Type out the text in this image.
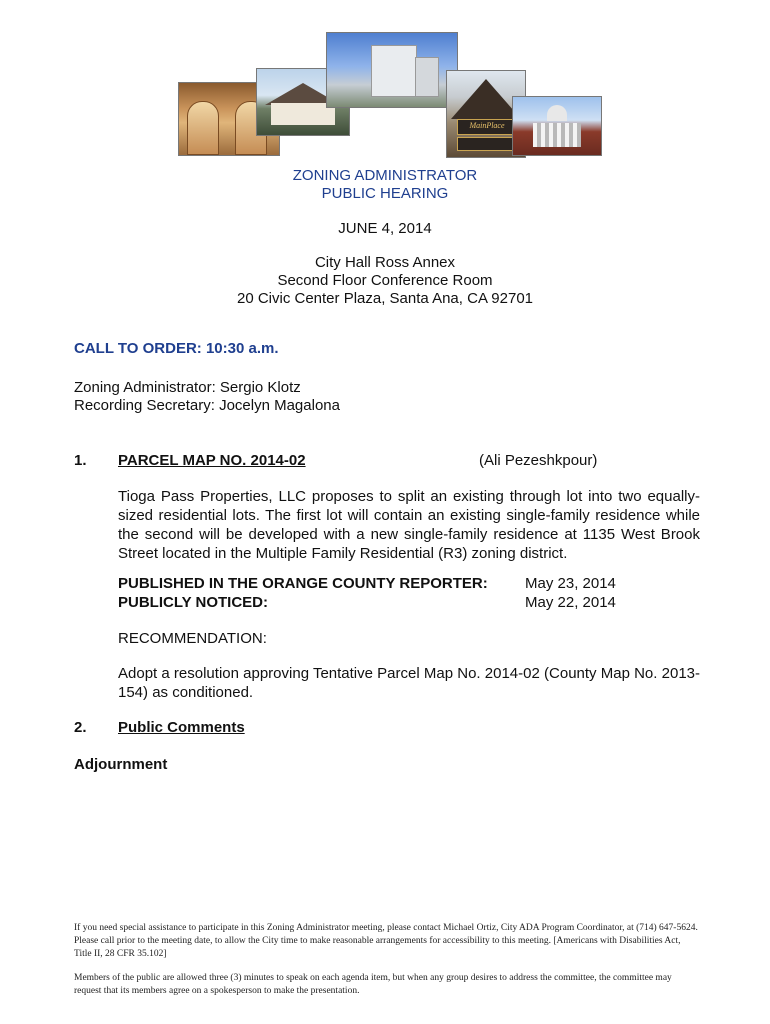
MainPlace
ZONING ADMINISTRATOR
PUBLIC HEARING
JUNE 4, 2014
City Hall Ross Annex
Second Floor Conference Room
20 Civic Center Plaza, Santa Ana, CA 92701
CALL TO ORDER: 10:30 a.m.
Zoning Administrator: Sergio Klotz
Recording Secretary: Jocelyn Magalona
1. PARCEL MAP NO. 2014-02	(Ali Pezeshkpour)
Tioga Pass Properties, LLC proposes to split an existing through lot into two equally-sized residential lots. The first lot will contain an existing single-family residence while the second will be developed with a new single-family residence at 1135 West Brook Street located in the Multiple Family Residential (R3) zoning district.
PUBLISHED IN THE ORANGE COUNTY REPORTER: May 23, 2014
PUBLICLY NOTICED:	May 22, 2014
RECOMMENDATION:
Adopt a resolution approving Tentative Parcel Map No. 2014-02 (County Map No. 2013-154) as conditioned.
2. Public Comments
Adjournment
If you need special assistance to participate in this Zoning Administrator meeting, please contact Michael Ortiz, City ADA Program Coordinator, at (714) 647-5624. Please call prior to the meeting date, to allow the City time to make reasonable arrangements for accessibility to this meeting. [Americans with Disabilities Act, Title II, 28 CFR 35.102]
Members of the public are allowed three (3) minutes to speak on each agenda item, but when any group desires to address the committee, the committee may request that its members agree on a spokesperson to make the presentation.
